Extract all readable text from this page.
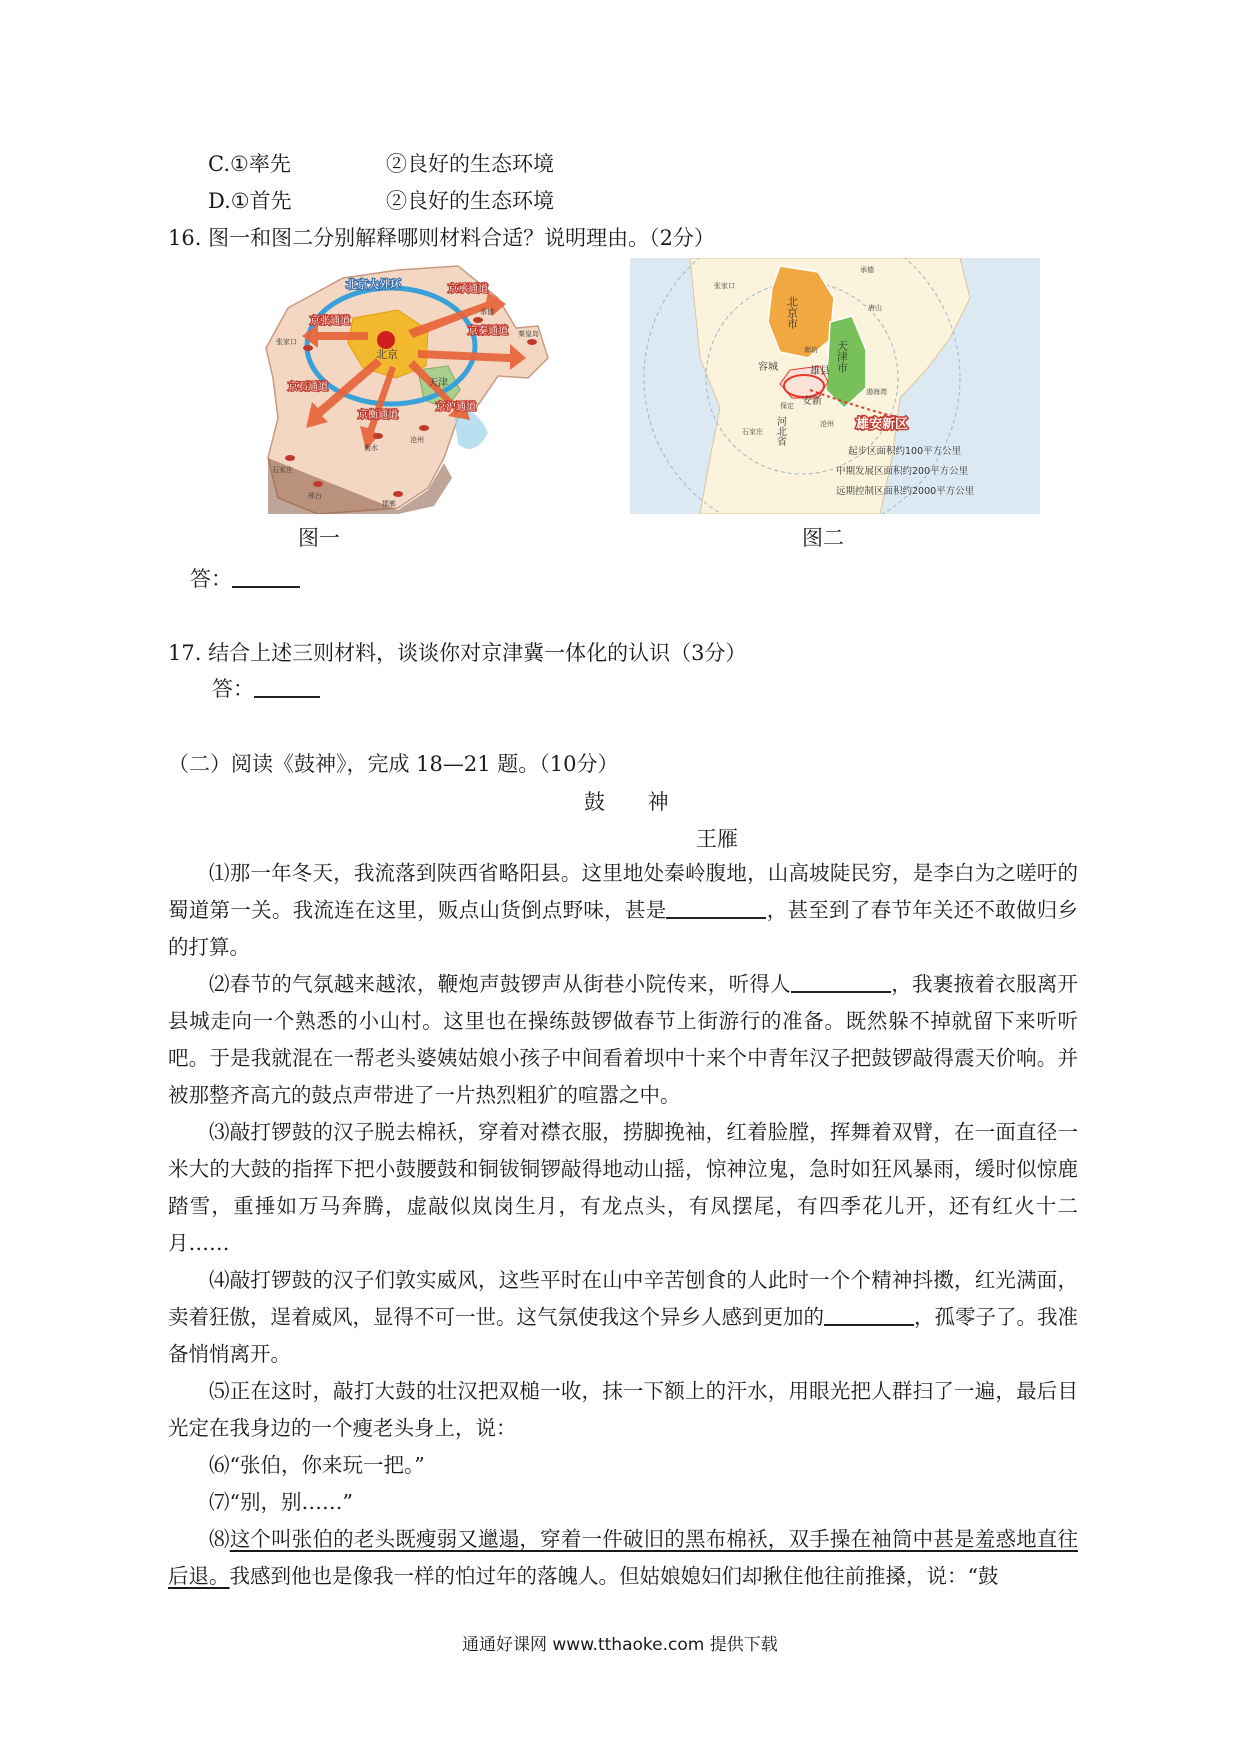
C.①率先	②良好的生态环境
D.①首先	②良好的生态环境
16. 图一和图二分别解释哪则材料合适？说明理由。（2分）
北京大外环
北京
天津
京张通道
京承通道
京秦通道
京石通道
京沪通道
京衡通道
承德
张家口
秦皇岛
石家庄
沧州
邯郸
邢台
衡水
北京市
天津市
河北省	雄安新区
容城	雄县
安新
承德
张家口
唐山
保定
沧州
石家庄
渤海湾
廊坊
起步区面积约100平方公里
中期发展区面积约200平方公里
远期控制区面积约2000平方公里
图一	图二
答：
17. 结合上述三则材料，谈谈你对京津冀一体化的认识（3分）
答：
（二）阅读《鼓神》，完成 18—21 题。（10分）
鼓 神
王雁

⑴那一年冬天，我流落到陕西省略阳县。这里地处秦岭腹地，山高坡陡民穷，是李白为之嗟吁的蜀道第一关。我流连在这里，贩点山货倒点野味，甚是	，甚至到了春节年关还不敢做归乡的打算。

⑵春节的气氛越来越浓，鞭炮声鼓锣声从街巷小院传来，听得人	，我裹掖着衣服离开县城走向一个熟悉的小山村。这里也在操练鼓锣做春节上街游行的准备。既然躲不掉就留下来听听吧。于是我就混在一帮老头婆姨姑娘小孩子中间看着坝中十来个中青年汉子把鼓锣敲得震天价响。并被那整齐高亢的鼓点声带进了一片热烈粗犷的喧嚣之中。

⑶敲打锣鼓的汉子脱去棉袄，穿着对襟衣服，捞脚挽袖，红着脸膛，挥舞着双臂，在一面直径一米大的大鼓的指挥下把小鼓腰鼓和铜钹铜锣敲得地动山摇，惊神泣鬼，急时如狂风暴雨，缓时似惊鹿踏雪，重捶如万马奔腾，虚敲似岚岗生月，有龙点头，有凤摆尾，有四季花儿开，还有红火十二月……

⑷敲打锣鼓的汉子们敦实威风，这些平时在山中辛苦刨食的人此时一个个精神抖擞，红光满面，卖着狂傲，逞着威风，显得不可一世。这气氛使我这个异乡人感到更加的	，孤零子了。我准备悄悄离开。

⑸正在这时，敲打大鼓的壮汉把双槌一收，抹一下额上的汗水，用眼光把人群扫了一遍，最后目光定在我身边的一个瘦老头身上，说：

⑹“张伯，你来玩一把。”

⑺“别，别……”

⑻这个叫张伯的老头既瘦弱又邋遢，穿着一件破旧的黑布棉袄，双手操在袖筒中甚是羞惑地直往后退。我感到他也是像我一样的怕过年的落魄人。但姑娘媳妇们却揪住他往前推搡，说：“鼓

通通好课网 www.tthaoke.com 提供下载
